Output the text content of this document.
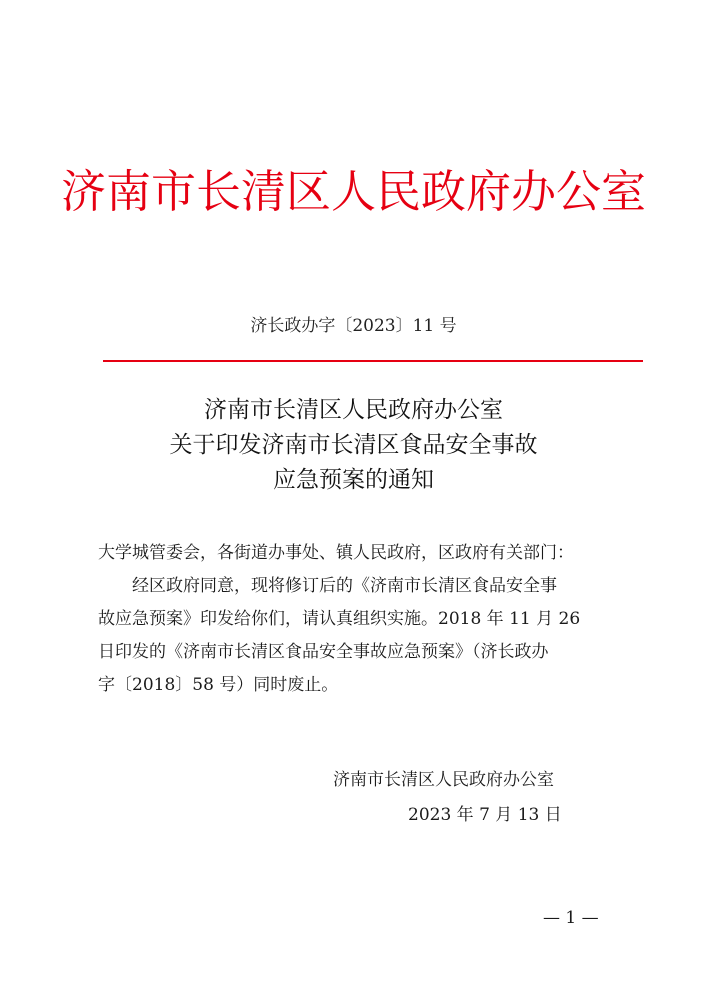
济南市长清区人民政府办公室
济长政办字〔2023〕11 号
济南市长清区人民政府办公室
关于印发济南市长清区食品安全事故
应急预案的通知
大学城管委会，各街道办事处、镇人民政府，区政府有关部门：
经区政府同意，现将修订后的《济南市长清区食品安全事
故应急预案》印发给你们，请认真组织实施。2018 年 11 月 26
日印发的《济南市长清区食品安全事故应急预案》（济长政办
字〔2018〕58 号）同时废止。
济南市长清区人民政府办公室
2023 年 7 月 13 日
— 1 —
